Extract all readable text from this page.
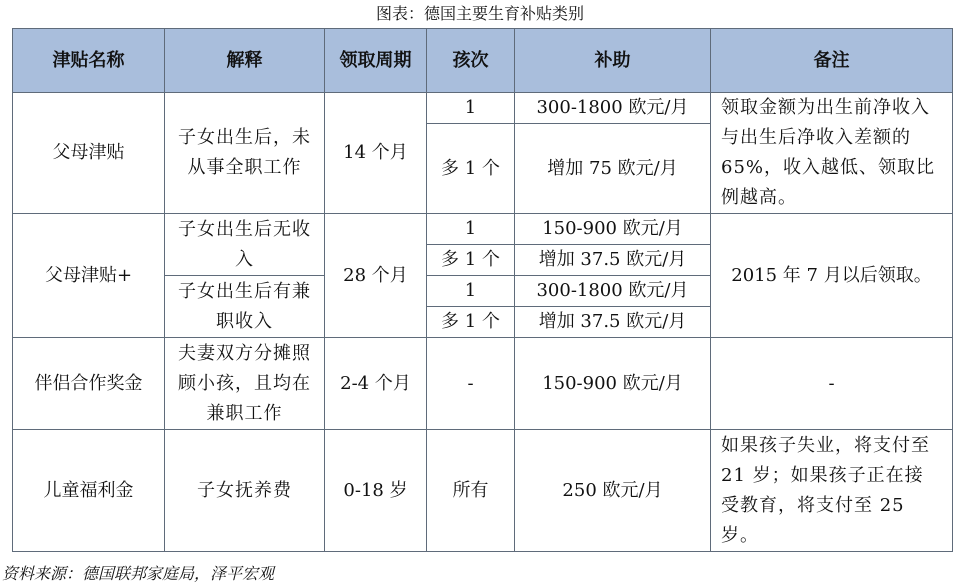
图表：德国主要生育补贴类别
津贴名称	解释	领取周期	孩次	补助	备注
父母津贴	子女出生后，未从事全职工作	14 个月	1	300-1800 欧元/月	领取金额为出生前净收入与出生后净收入差额的 65%，收入越低、领取比例越高。
			多 1 个	增加 75 欧元/月	
父母津贴+	子女出生后无收入	28 个月	1	150-900 欧元/月	2015 年 7 月以后领取。
			多 1 个	增加 37.5 欧元/月	
	子女出生后有兼职收入		1	300-1800 欧元/月	
			多 1 个	增加 37.5 欧元/月	
伴侣合作奖金	夫妻双方分摊照顾小孩，且均在兼职工作	2-4 个月	-	150-900 欧元/月	-
儿童福利金	子女抚养费	0-18 岁	所有	250 欧元/月	如果孩子失业，将支付至 21 岁；如果孩子正在接受教育，将支付至 25 岁。
资料来源：德国联邦家庭局，泽平宏观
